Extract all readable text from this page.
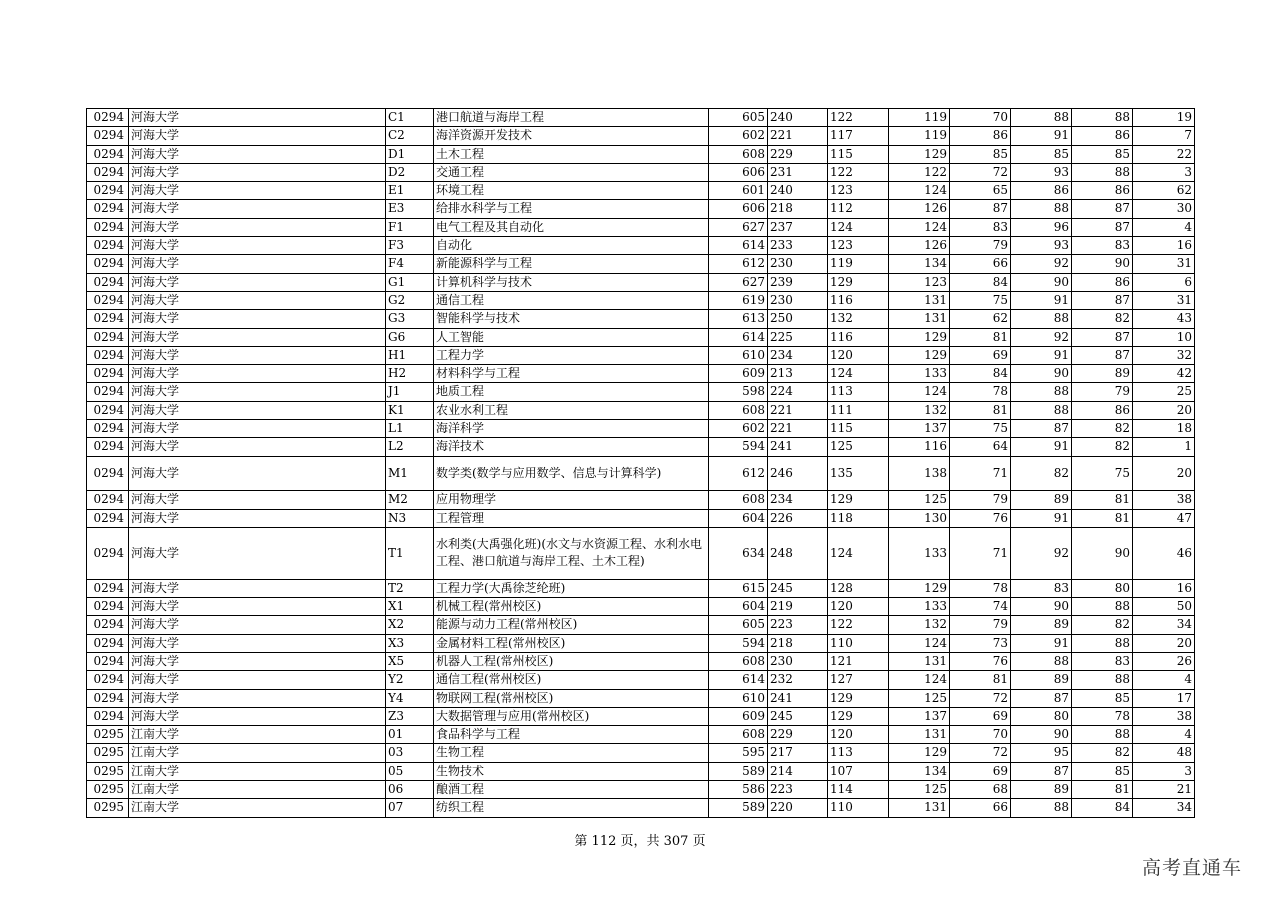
0294	河海大学	C1	港口航道与海岸工程	605	240	122	119	70	88	88	19
0294	河海大学	C2	海洋资源开发技术	602	221	117	119	86	91	86	7
0294	河海大学	D1	土木工程	608	229	115	129	85	85	85	22
0294	河海大学	D2	交通工程	606	231	122	122	72	93	88	3
0294	河海大学	E1	环境工程	601	240	123	124	65	86	86	62
0294	河海大学	E3	给排水科学与工程	606	218	112	126	87	88	87	30
0294	河海大学	F1	电气工程及其自动化	627	237	124	124	83	96	87	4
0294	河海大学	F3	自动化	614	233	123	126	79	93	83	16
0294	河海大学	F4	新能源科学与工程	612	230	119	134	66	92	90	31
0294	河海大学	G1	计算机科学与技术	627	239	129	123	84	90	86	6
0294	河海大学	G2	通信工程	619	230	116	131	75	91	87	31
0294	河海大学	G3	智能科学与技术	613	250	132	131	62	88	82	43
0294	河海大学	G6	人工智能	614	225	116	129	81	92	87	10
0294	河海大学	H1	工程力学	610	234	120	129	69	91	87	32
0294	河海大学	H2	材料科学与工程	609	213	124	133	84	90	89	42
0294	河海大学	J1	地质工程	598	224	113	124	78	88	79	25
0294	河海大学	K1	农业水利工程	608	221	111	132	81	88	86	20
0294	河海大学	L1	海洋科学	602	221	115	137	75	87	82	18
0294	河海大学	L2	海洋技术	594	241	125	116	64	91	82	1
0294	河海大学	M1	数学类(数学与应用数学、信息与计算科学)	612	246	135	138	71	82	75	20
0294	河海大学	M2	应用物理学	608	234	129	125	79	89	81	38
0294	河海大学	N3	工程管理	604	226	118	130	76	91	81	47
0294	河海大学	T1	水利类(大禹强化班)(水文与水资源工程、水利水电工程、港口航道与海岸工程、土木工程)	634	248	124	133	71	92	90	46
0294	河海大学	T2	工程力学(大禹徐芝纶班)	615	245	128	129	78	83	80	16
0294	河海大学	X1	机械工程(常州校区)	604	219	120	133	74	90	88	50
0294	河海大学	X2	能源与动力工程(常州校区)	605	223	122	132	79	89	82	34
0294	河海大学	X3	金属材料工程(常州校区)	594	218	110	124	73	91	88	20
0294	河海大学	X5	机器人工程(常州校区)	608	230	121	131	76	88	83	26
0294	河海大学	Y2	通信工程(常州校区)	614	232	127	124	81	89	88	4
0294	河海大学	Y4	物联网工程(常州校区)	610	241	129	125	72	87	85	17
0294	河海大学	Z3	大数据管理与应用(常州校区)	609	245	129	137	69	80	78	38
0295	江南大学	01	食品科学与工程	608	229	120	131	70	90	88	4
0295	江南大学	03	生物工程	595	217	113	129	72	95	82	48
0295	江南大学	05	生物技术	589	214	107	134	69	87	85	3
0295	江南大学	06	酿酒工程	586	223	114	125	68	89	81	21
0295	江南大学	07	纺织工程	589	220	110	131	66	88	84	34
第 112 页，共 307 页
高考直通车
